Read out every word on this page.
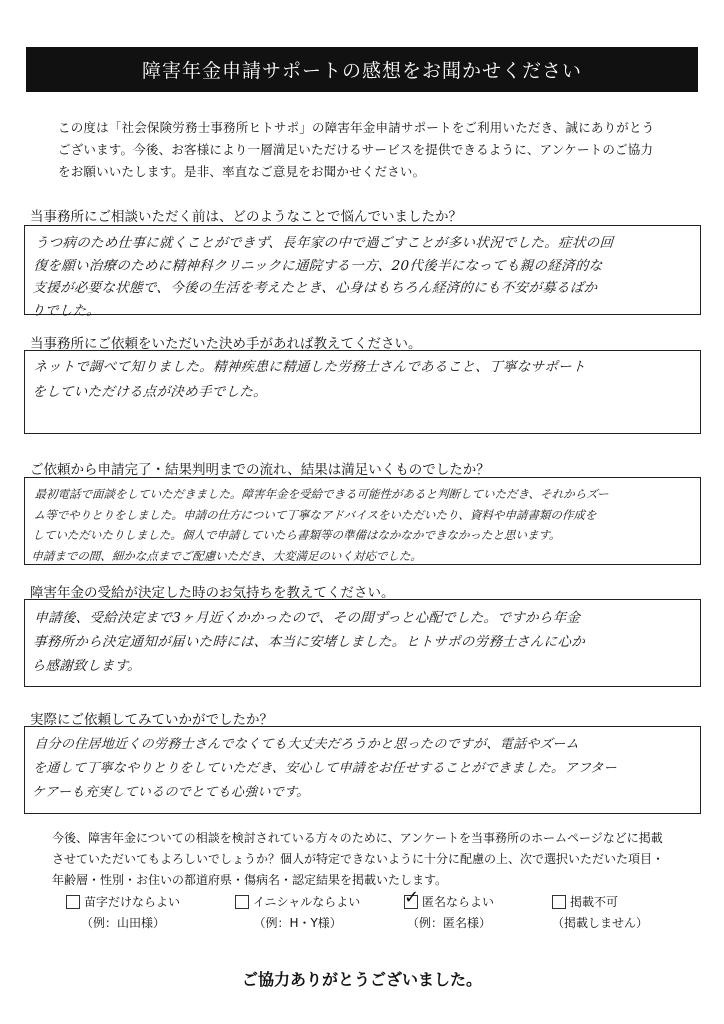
障害年金申請サポートの感想をお聞かせください
この度は「社会保険労務士事務所ヒトサポ」の障害年金申請サポートをご利用いただき、誠にありがとう
ございます。今後、お客様により一層満足いただけるサービスを提供できるように、アンケートのご協力
をお願いいたします。是非、率直なご意見をお聞かせください。
当事務所にご相談いただく前は、どのようなことで悩んでいましたか？
うつ病のため仕事に就くことができず、長年家の中で過ごすことが多い状況でした。症状の回
復を願い治療のために精神科クリニックに通院する一方、20代後半になっても親の経済的な
支援が必要な状態で、今後の生活を考えたとき、心身はもちろん経済的にも不安が募るばか
りでした。
当事務所にご依頼をいただいた決め手があれば教えてください。
ネットで調べて知りました。精神疾患に精通した労務士さんであること、丁寧なサポート
をしていただける点が決め手でした。
ご依頼から申請完了・結果判明までの流れ、結果は満足いくものでしたか？
最初電話で面談をしていただきました。障害年金を受給できる可能性があると判断していただき、それからズー
ム等でやりとりをしました。申請の仕方について丁寧なアドバイスをいただいたり、資料や申請書類の作成を
していただいたりしました。個人で申請していたら書類等の準備はなかなかできなかったと思います。
申請までの間、細かな点までご配慮いただき、大変満足のいく対応でした。
障害年金の受給が決定した時のお気持ちを教えてください。
申請後、受給決定まで3ヶ月近くかかったので、その間ずっと心配でした。ですから年金
事務所から決定通知が届いた時には、本当に安堵しました。ヒトサポの労務士さんに心か
ら感謝致します。
実際にご依頼してみていかがでしたか？
自分の住居地近くの労務士さんでなくても大丈夫だろうかと思ったのですが、電話やズーム
を通して丁寧なやりとりをしていただき、安心して申請をお任せすることができました。アフター
ケアーも充実しているのでとても心強いです。
今後、障害年金についての相談を検討されている方々のために、アンケートを当事務所のホームページなどに掲載
させていただいてもよろしいでしょうか？個人が特定できないように十分に配慮の上、次で選択いただいた項目・
年齢層・性別・お住いの都道府県・傷病名・認定結果を掲載いたします。
苗字だけならよい
（例：山田様）
イニシャルならよい
（例：H・Y様）
✓
匿名ならよい
（例：匿名様）
掲載不可
（掲載しません）
ご協力ありがとうございました。
